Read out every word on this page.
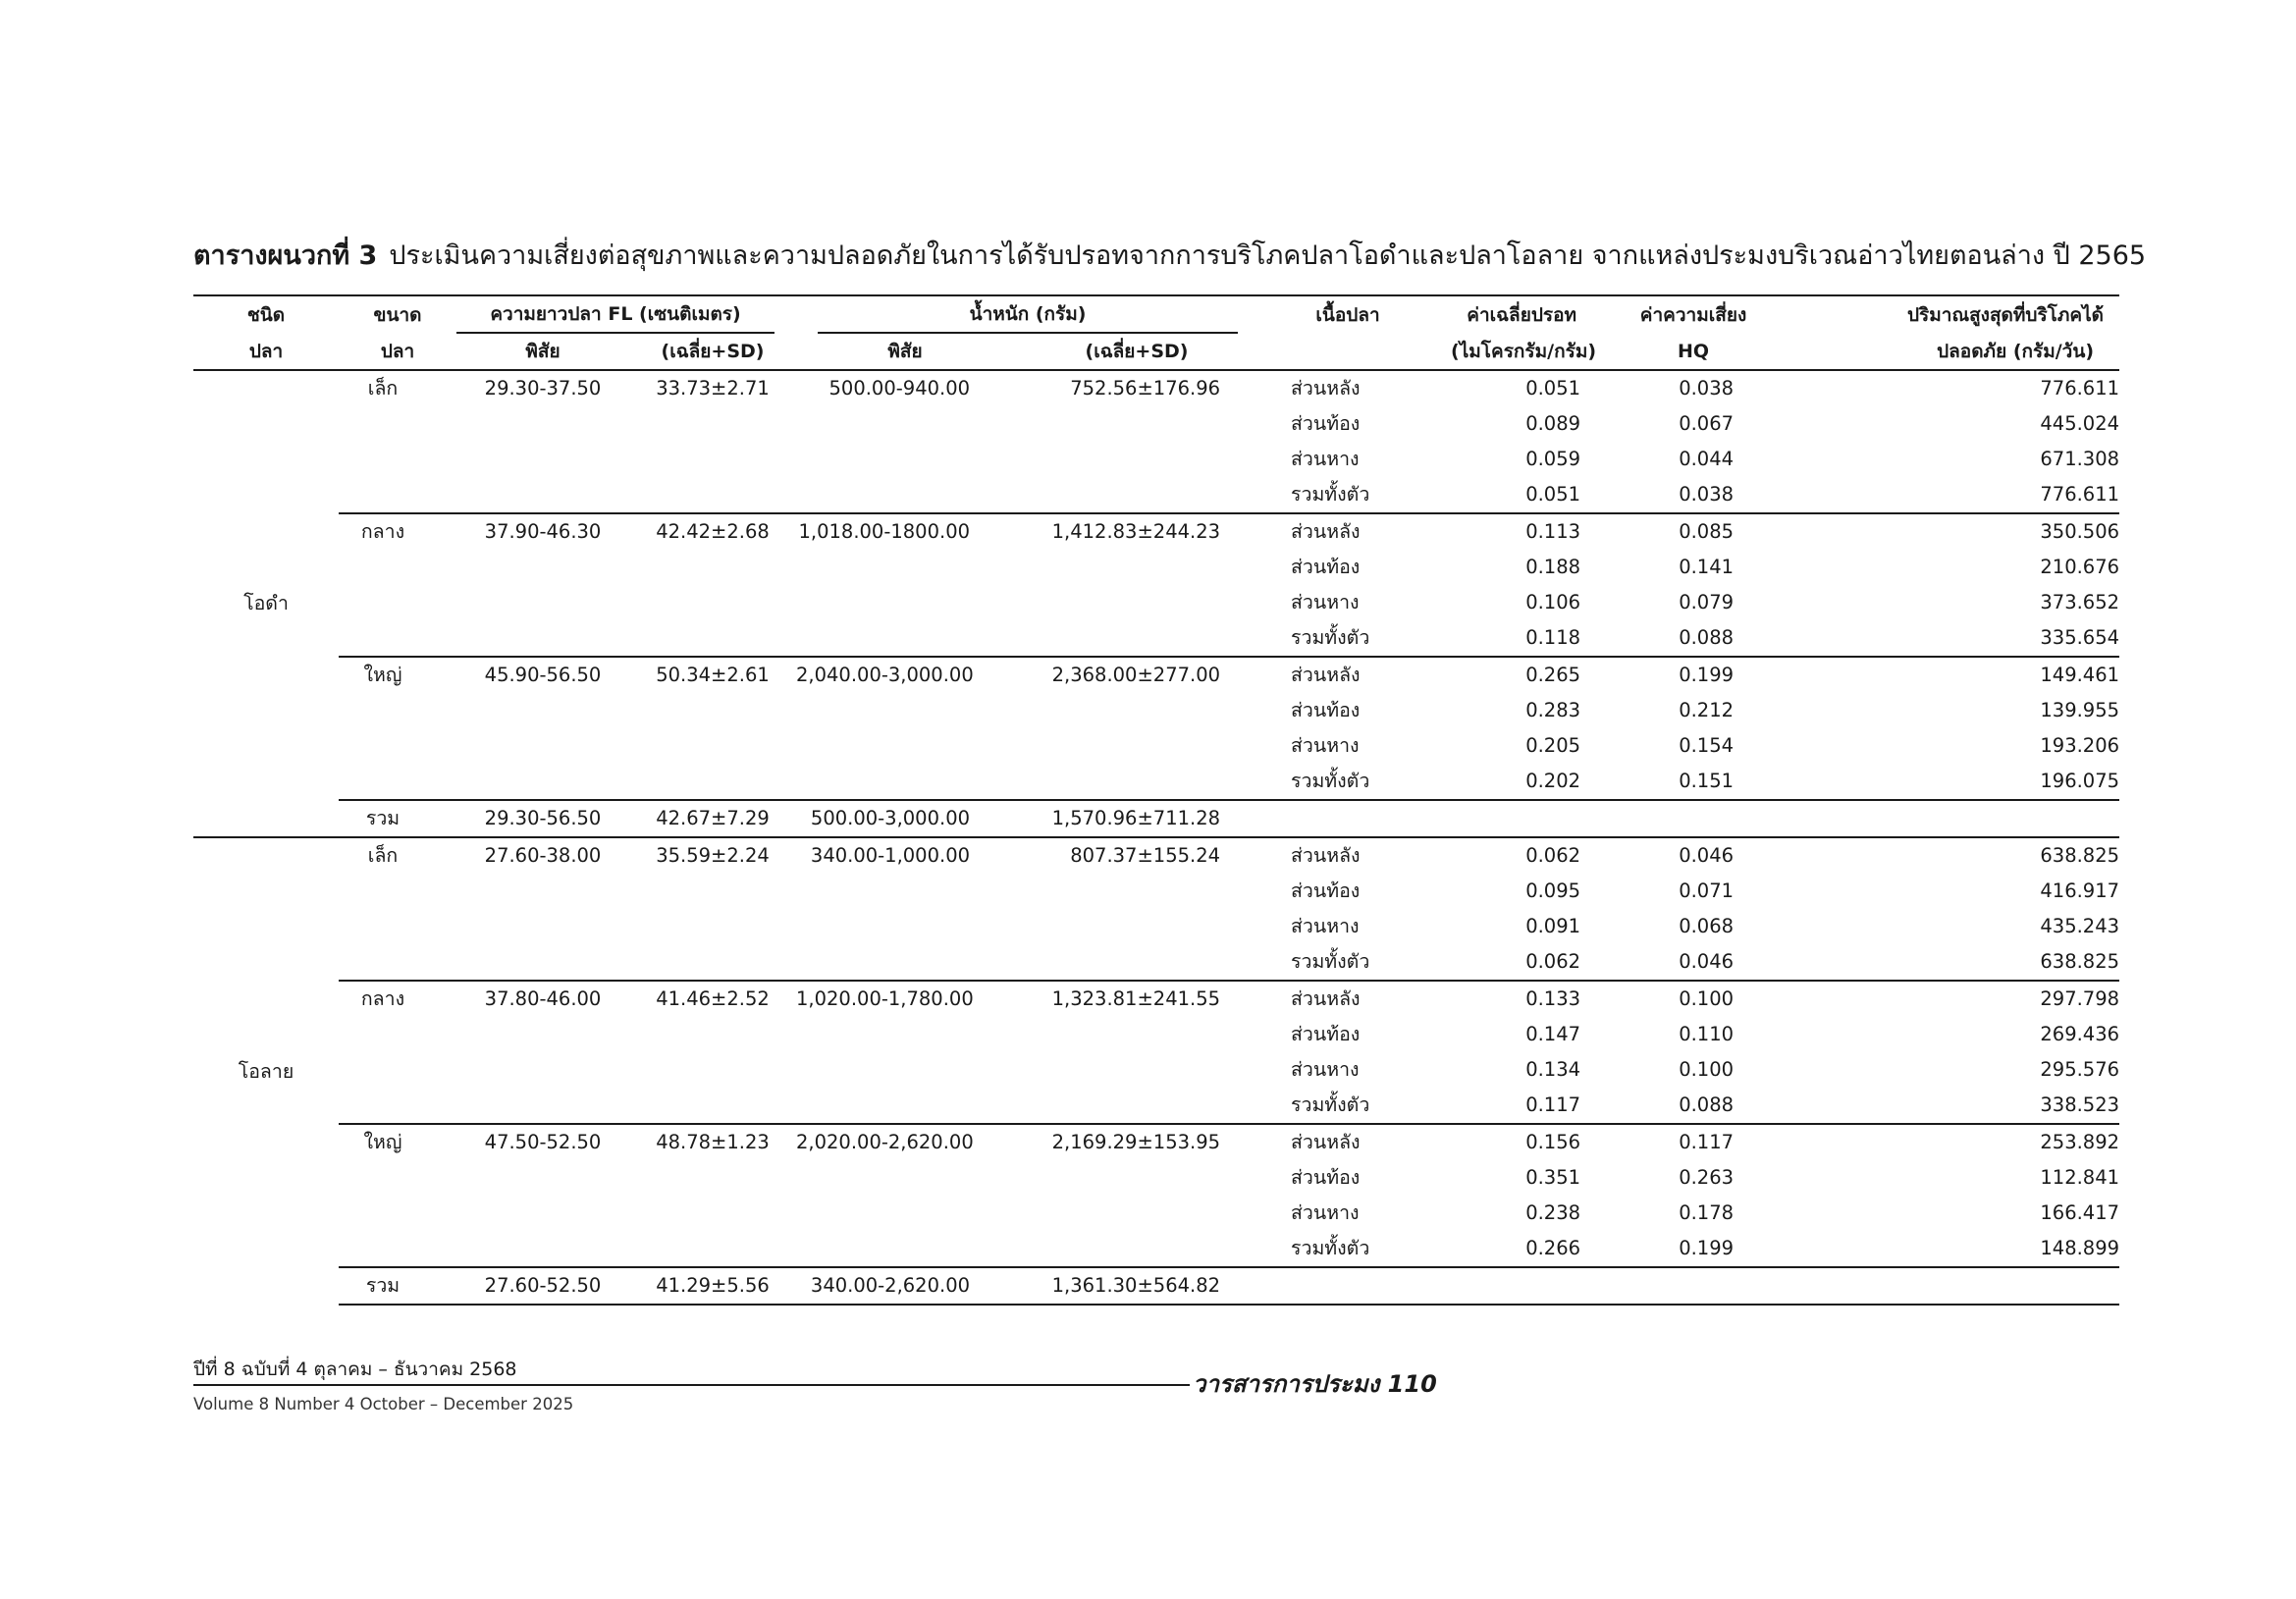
ตารางผนวกที่ 3 ประเมินความเสี่ยงต่อสุขภาพและความปลอดภัยในการได้รับปรอทจากการบริโภคปลาโอดำและปลาโอลาย จากแหล่งประมงบริเวณอ่าวไทยตอนล่าง ปี 2565
ชนิด	ขนาด	ความยาวปลา FL (เซนติเมตร)		น้ำหนัก (กรัม)		เนื้อปลา	ค่าเฉลี่ยปรอท	ค่าความเสี่ยง	ปริมาณสูงสุดที่บริโภคได้
ปลา	ปลา	พิสัย	(เฉลี่ย+SD)	พิสัย	(เฉลี่ย+SD)		(ไมโครกรัม/กรัม)	HQ	ปลอดภัย (กรัม/วัน)
โอดำ	เล็ก	29.30-37.50	33.73±2.71	500.00-940.00	752.56±176.96	ส่วนหลัง	0.051	0.038	776.611
						ส่วนท้อง	0.089	0.067	445.024
						ส่วนหาง	0.059	0.044	671.308
						รวมทั้งตัว	0.051	0.038	776.611
	กลาง	37.90-46.30	42.42±2.68	1,018.00-1800.00	1,412.83±244.23	ส่วนหลัง	0.113	0.085	350.506
						ส่วนท้อง	0.188	0.141	210.676
						ส่วนหาง	0.106	0.079	373.652
						รวมทั้งตัว	0.118	0.088	335.654
	ใหญ่	45.90-56.50	50.34±2.61	2,040.00-3,000.00	2,368.00±277.00	ส่วนหลัง	0.265	0.199	149.461
						ส่วนท้อง	0.283	0.212	139.955
						ส่วนหาง	0.205	0.154	193.206
						รวมทั้งตัว	0.202	0.151	196.075
	รวม	29.30-56.50	42.67±7.29	500.00-3,000.00	1,570.96±711.28				
โอลาย	เล็ก	27.60-38.00	35.59±2.24	340.00-1,000.00	807.37±155.24	ส่วนหลัง	0.062	0.046	638.825
						ส่วนท้อง	0.095	0.071	416.917
						ส่วนหาง	0.091	0.068	435.243
						รวมทั้งตัว	0.062	0.046	638.825
	กลาง	37.80-46.00	41.46±2.52	1,020.00-1,780.00	1,323.81±241.55	ส่วนหลัง	0.133	0.100	297.798
						ส่วนท้อง	0.147	0.110	269.436
						ส่วนหาง	0.134	0.100	295.576
						รวมทั้งตัว	0.117	0.088	338.523
	ใหญ่	47.50-52.50	48.78±1.23	2,020.00-2,620.00	2,169.29±153.95	ส่วนหลัง	0.156	0.117	253.892
						ส่วนท้อง	0.351	0.263	112.841
						ส่วนหาง	0.238	0.178	166.417
						รวมทั้งตัว	0.266	0.199	148.899
	รวม	27.60-52.50	41.29±5.56	340.00-2,620.00	1,361.30±564.82				
ปีที่ 8 ฉบับที่ 4 ตุลาคม – ธันวาคม 2568
Volume 8 Number 4 October – December 2025
วารสารการประมง 110
